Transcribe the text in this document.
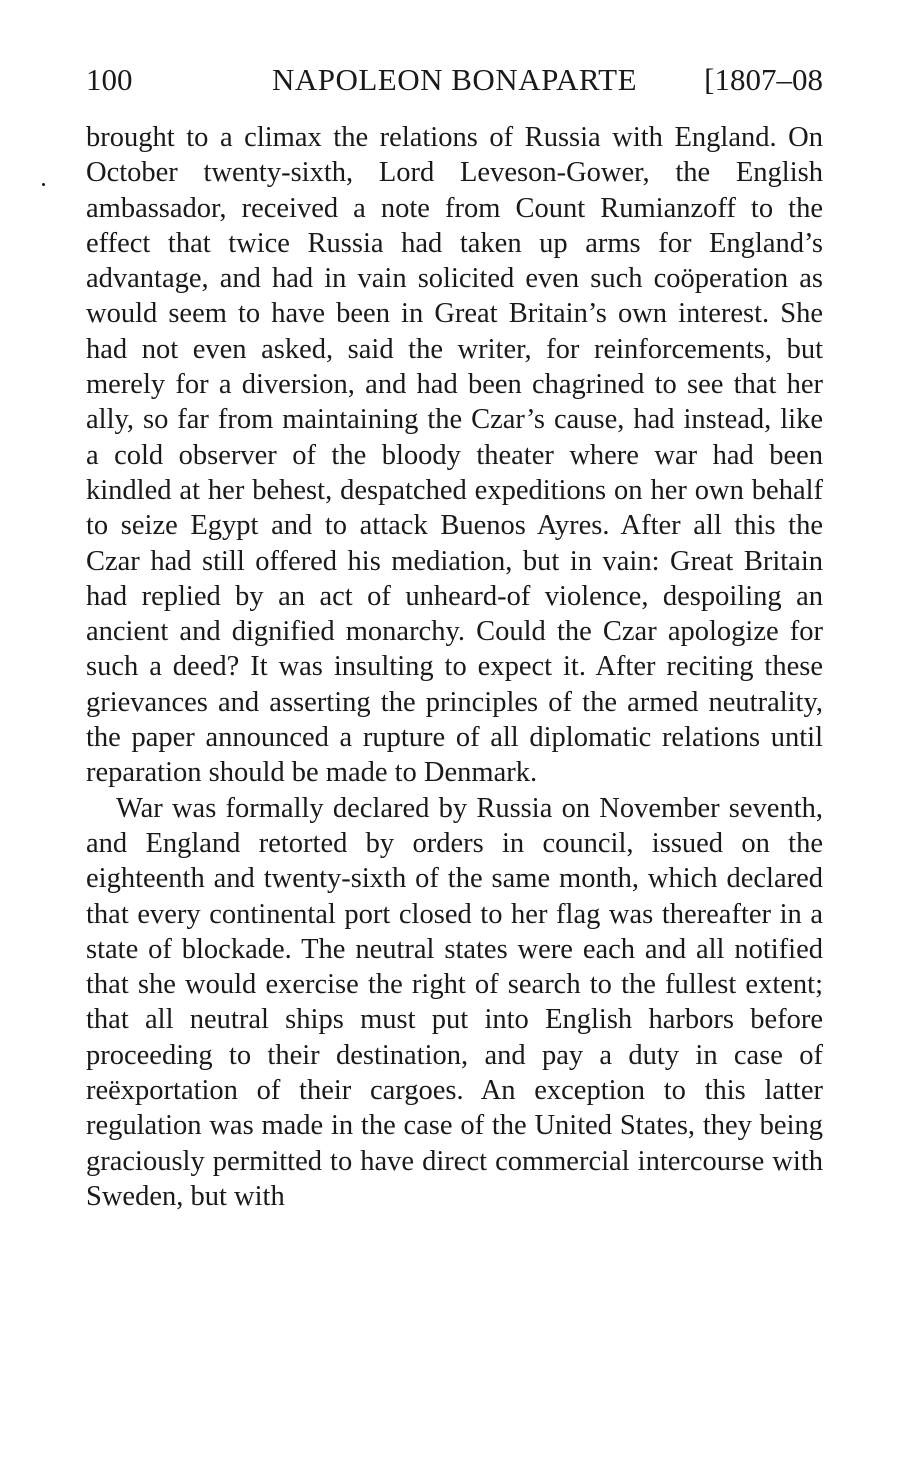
100	NAPOLEON BONAPARTE	[1807–08

brought to a climax the relations of Russia with England. On October twenty-sixth, Lord Leveson-Gower, the English ambassador, received a note from Count Rumianzoff to the effect that twice Russia had taken up arms for England’s advantage, and had in vain solicited even such coöperation as would seem to have been in Great Britain’s own interest. She had not even asked, said the writer, for reinforcements, but merely for a diversion, and had been chagrined to see that her ally, so far from maintaining the Czar’s cause, had instead, like a cold observer of the bloody theater where war had been kindled at her behest, despatched expeditions on her own behalf to seize Egypt and to attack Buenos Ayres. After all this the Czar had still offered his mediation, but in vain: Great Britain had replied by an act of unheard-of violence, despoiling an ancient and dignified monarchy. Could the Czar apologize for such a deed? It was insulting to expect it. After reciting these grievances and asserting the principles of the armed neutrality, the paper announced a rupture of all diplomatic relations until reparation should be made to Denmark.

War was formally declared by Russia on November seventh, and England retorted by orders in council, issued on the eighteenth and twenty-sixth of the same month, which declared that every continental port closed to her flag was thereafter in a state of blockade. The neutral states were each and all notified that she would exercise the right of search to the fullest extent; that all neutral ships must put into English harbors before proceeding to their destination, and pay a duty in case of reëxportation of their cargoes. An exception to this latter regulation was made in the case of the United States, they being graciously permitted to have direct commercial intercourse with Sweden, but with
